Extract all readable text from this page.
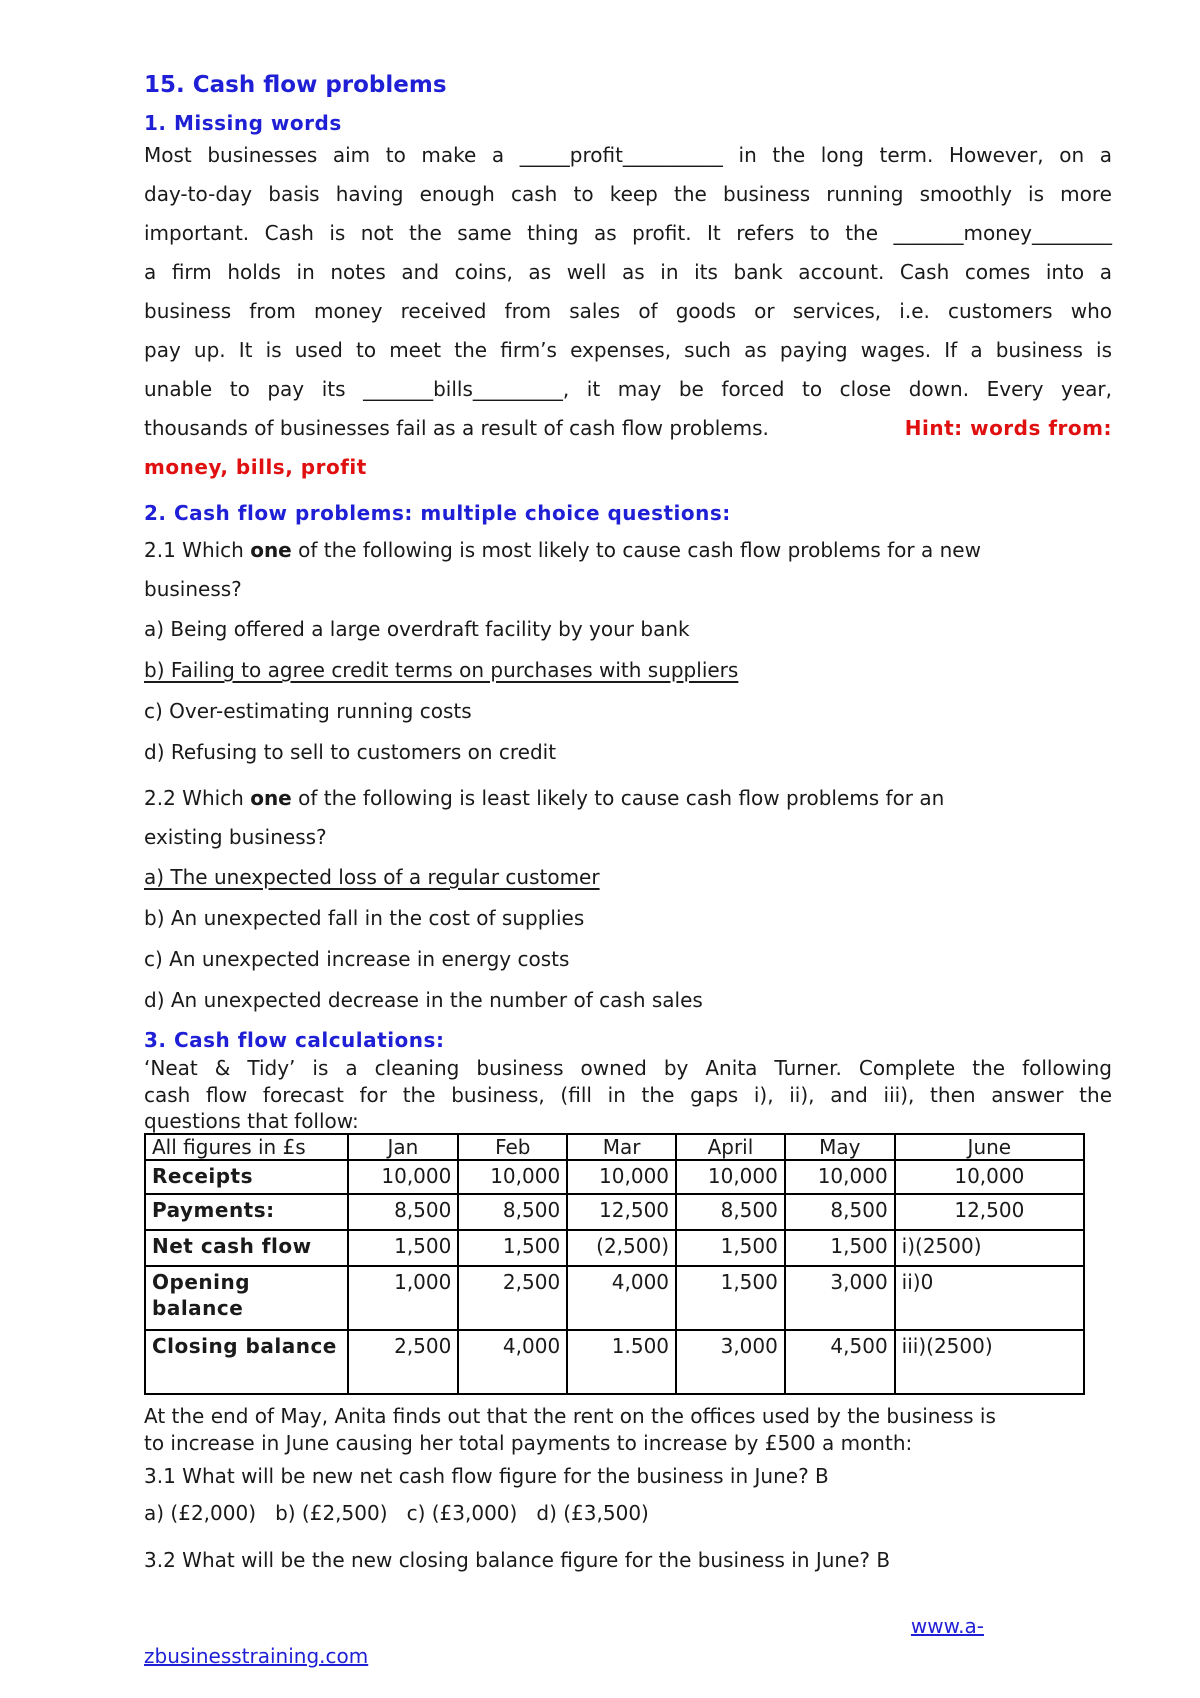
15. Cash flow problems
1. Missing words

Most businesses aim to make a _____profit__________ in the long term. However, on a

day-to-day basis having enough cash to keep the business running smoothly is more

important. Cash is not the same thing as profit. It refers to the _______money________

a firm holds in notes and coins, as well as in its bank account. Cash comes into a

business from money received from sales of goods or services, i.e. customers who

pay up. It is used to meet the firm’s expenses, such as paying wages. If a business is

unable to pay its _______bills_________, it may be forced to close down. Every year,

thousands of businesses fail as a result of cash flow problems.	Hint: words from:

money, bills, profit

2. Cash flow problems: multiple choice questions:

2.1 Which one of the following is most likely to cause cash flow problems for a new

business?

a) Being offered a large overdraft facility by your bank

b) Failing to agree credit terms on purchases with suppliers

c) Over-estimating running costs

d) Refusing to sell to customers on credit

2.2 Which one of the following is least likely to cause cash flow problems for an

existing business?

a) The unexpected loss of a regular customer

b) An unexpected fall in the cost of supplies

c) An unexpected increase in energy costs

d) An unexpected decrease in the number of cash sales

3. Cash flow calculations:

‘Neat & Tidy’ is a cleaning business owned by Anita Turner. Complete the following

cash flow forecast for the business, (fill in the gaps i), ii), and iii), then answer the

questions that follow:

All figures in £s	Jan	Feb	Mar	April	May	June
Receipts	10,000	10,000	10,000	10,000	10,000	10,000
Payments:	8,500	8,500	12,500	8,500	8,500	12,500
Net cash flow	1,500	1,500	(2,500)	1,500	1,500	i)(2500)
Opening balance	1,000	2,500	4,000	1,500	3,000	ii)0
Closing balance	2,500	4,000	1.500	3,000	4,500	iii)(2500)

At the end of May, Anita finds out that the rent on the offices used by the business is

to increase in June causing her total payments to increase by £500 a month:

3.1 What will be new net cash flow figure for the business in June? B

a) (£2,000)   b) (£2,500)   c) (£3,000)   d) (£3,500)

3.2 What will be the new closing balance figure for the business in June? B

www.a-
zbusinesstraining.com
